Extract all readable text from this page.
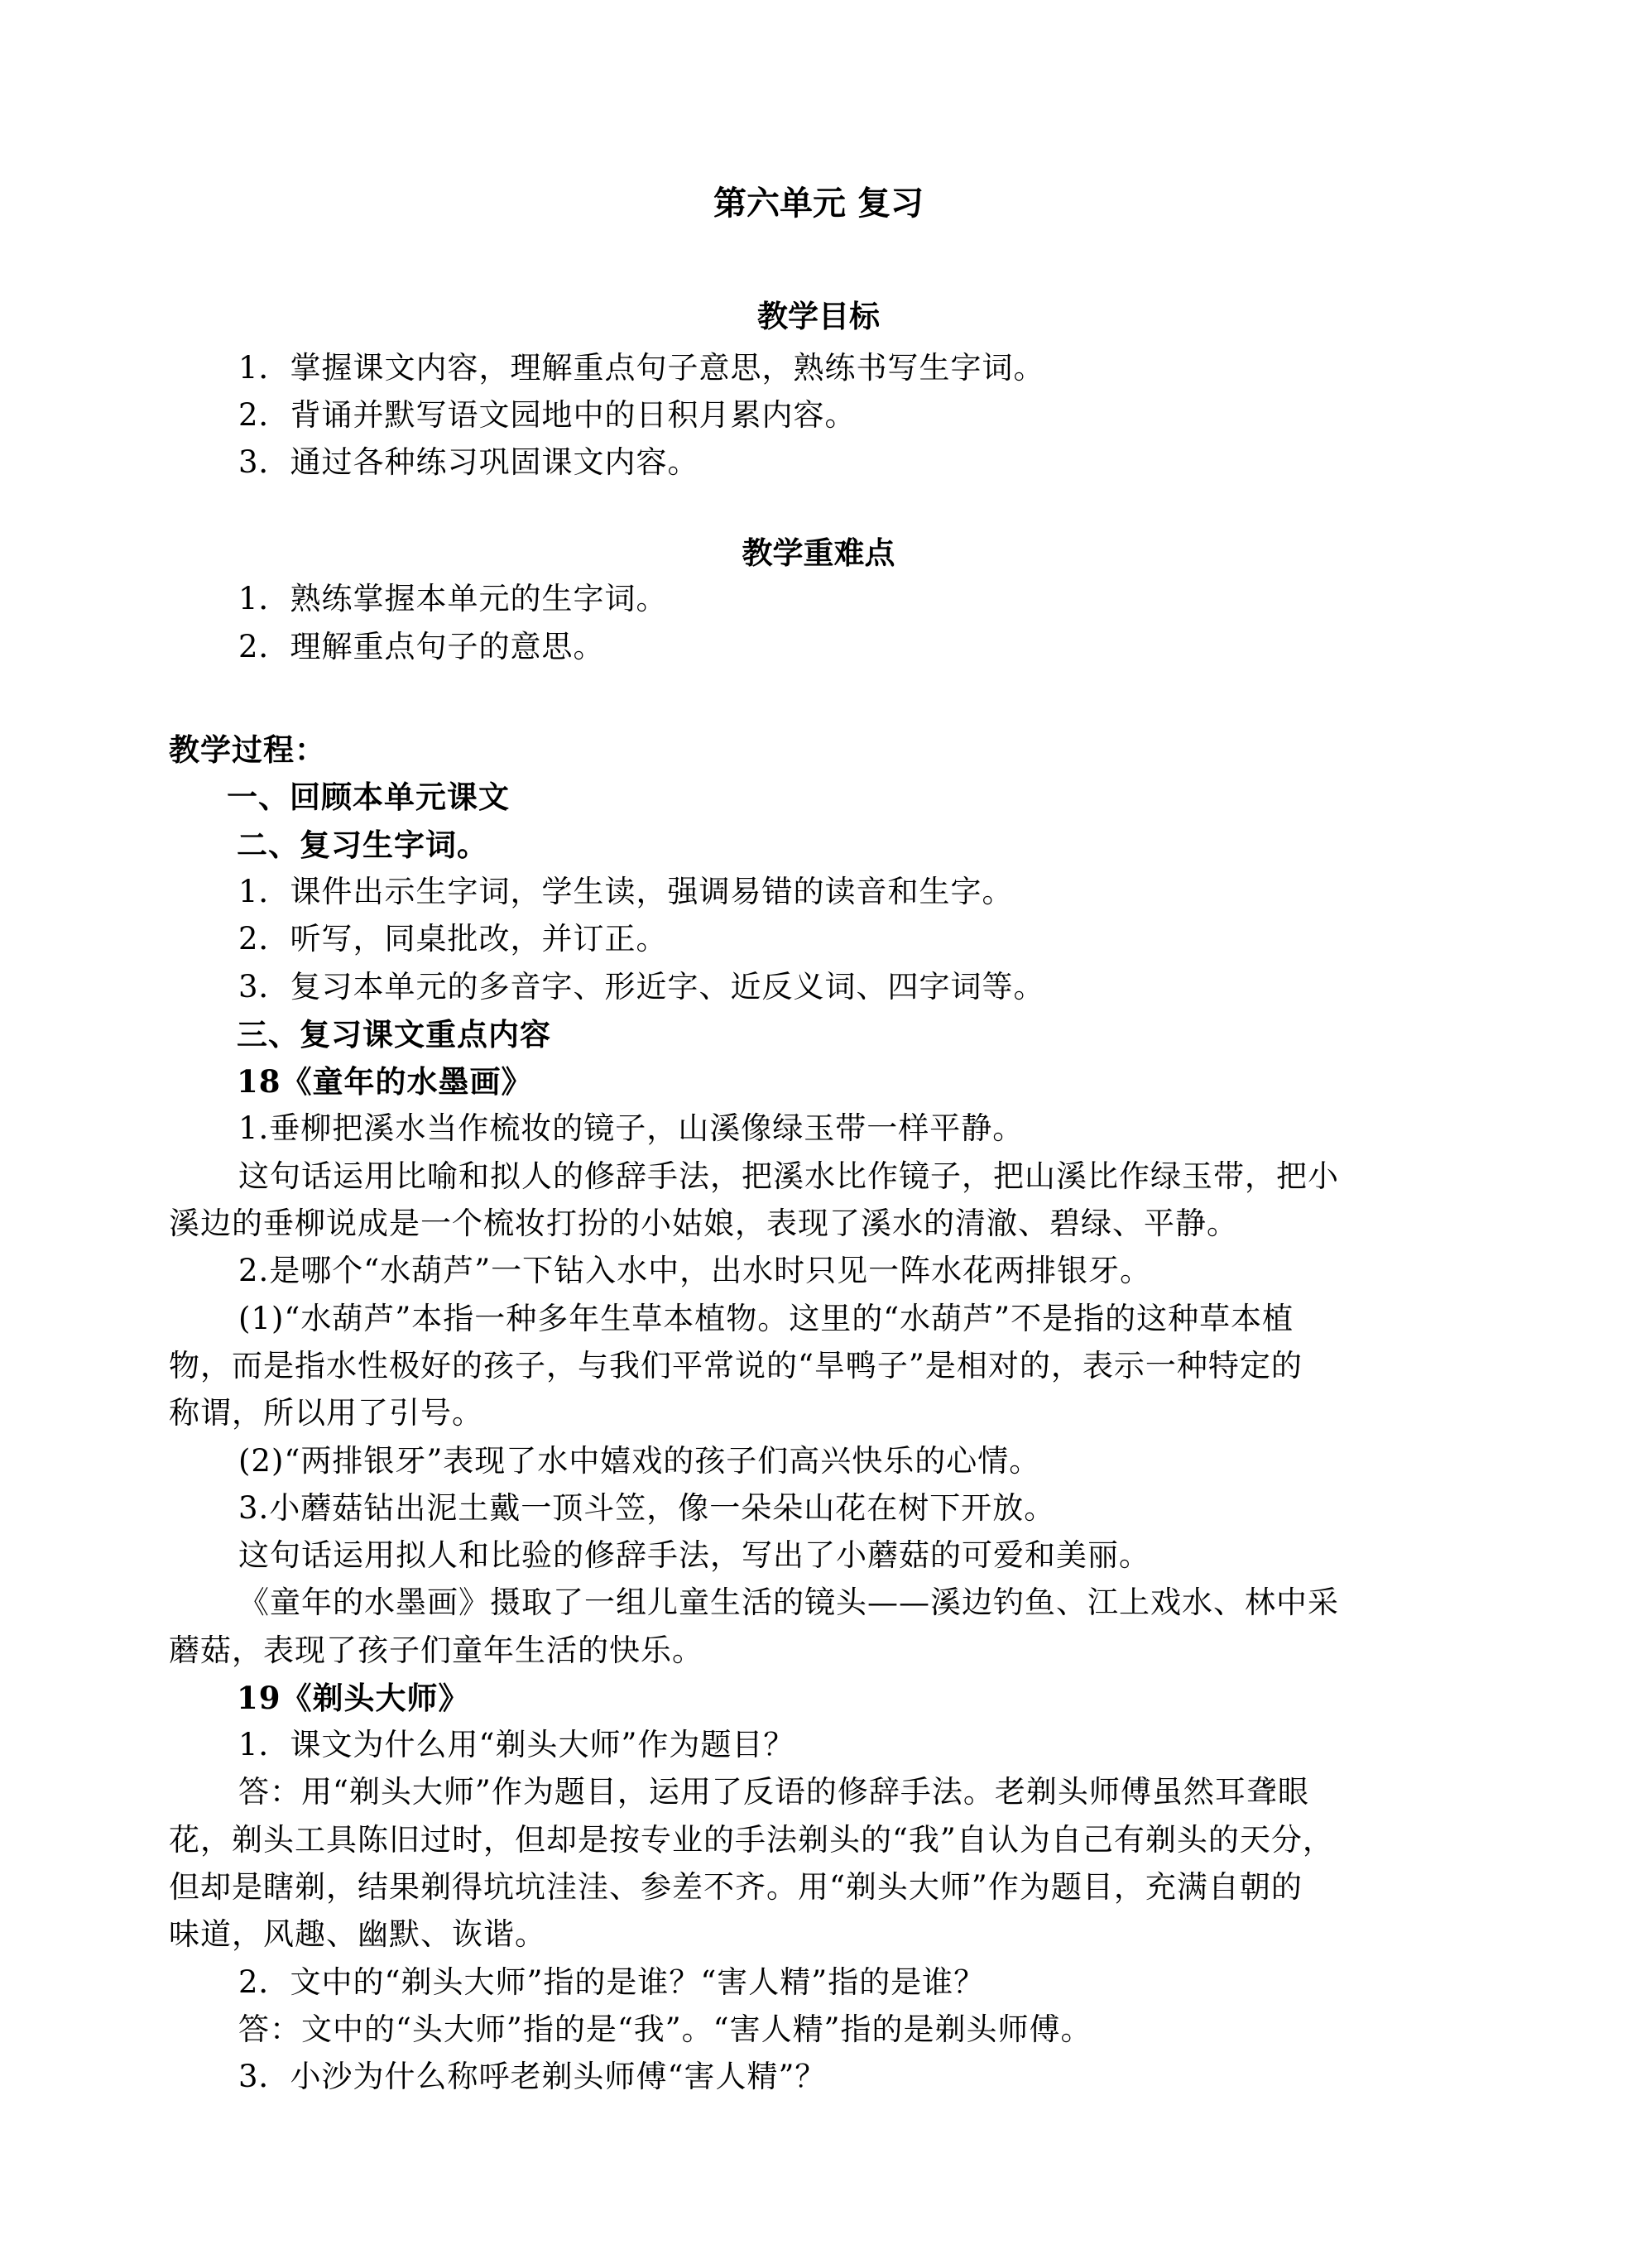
第六单元 复习
教学目标
1．掌握课文内容，理解重点句子意思，熟练书写生字词。
2．背诵并默写语文园地中的日积月累内容。
3．通过各种练习巩固课文内容。
教学重难点
1．熟练掌握本单元的生字词。
2．理解重点句子的意思。
教学过程：
一、回顾本单元课文
二、复习生字词。
1．课件出示生字词，学生读，强调易错的读音和生字。
2．听写，同桌批改，并订正。
3．复习本单元的多音字、形近字、近反义词、四字词等。
三、复习课文重点内容
18《童年的水墨画》
1.垂柳把溪水当作梳妆的镜子，山溪像绿玉带一样平静。
这句话运用比喻和拟人的修辞手法，把溪水比作镜子，把山溪比作绿玉带，把小
溪边的垂柳说成是一个梳妆打扮的小姑娘，表现了溪水的清澈、碧绿、平静。
2.是哪个“水葫芦”一下钻入水中，出水时只见一阵水花两排银牙。
(1)“水葫芦”本指一种多年生草本植物。这里的“水葫芦”不是指的这种草本植
物，而是指水性极好的孩子，与我们平常说的“旱鸭子”是相对的，表示一种特定的
称谓，所以用了引号。
(2)“两排银牙”表现了水中嬉戏的孩子们高兴快乐的心情。
3.小蘑菇钻出泥土戴一顶斗笠，像一朵朵山花在树下开放。
这句话运用拟人和比验的修辞手法，写出了小蘑菇的可爱和美丽。
《童年的水墨画》摄取了一组儿童生活的镜头——溪边钓鱼、江上戏水、林中采
蘑菇，表现了孩子们童年生活的快乐。
19《剃头大师》
1．课文为什么用“剃头大师”作为题目？
答：用“剃头大师”作为题目，运用了反语的修辞手法。老剃头师傅虽然耳聋眼
花，剃头工具陈旧过时，但却是按专业的手法剃头的“我”自认为自己有剃头的天分，
但却是瞎剃，结果剃得坑坑洼洼、参差不齐。用“剃头大师”作为题目，充满自朝的
味道，风趣、幽默、诙谐。
2．文中的“剃头大师”指的是谁？“害人精”指的是谁？
答：文中的“头大师”指的是“我”。“害人精”指的是剃头师傅。
3．小沙为什么称呼老剃头师傅“害人精”？
